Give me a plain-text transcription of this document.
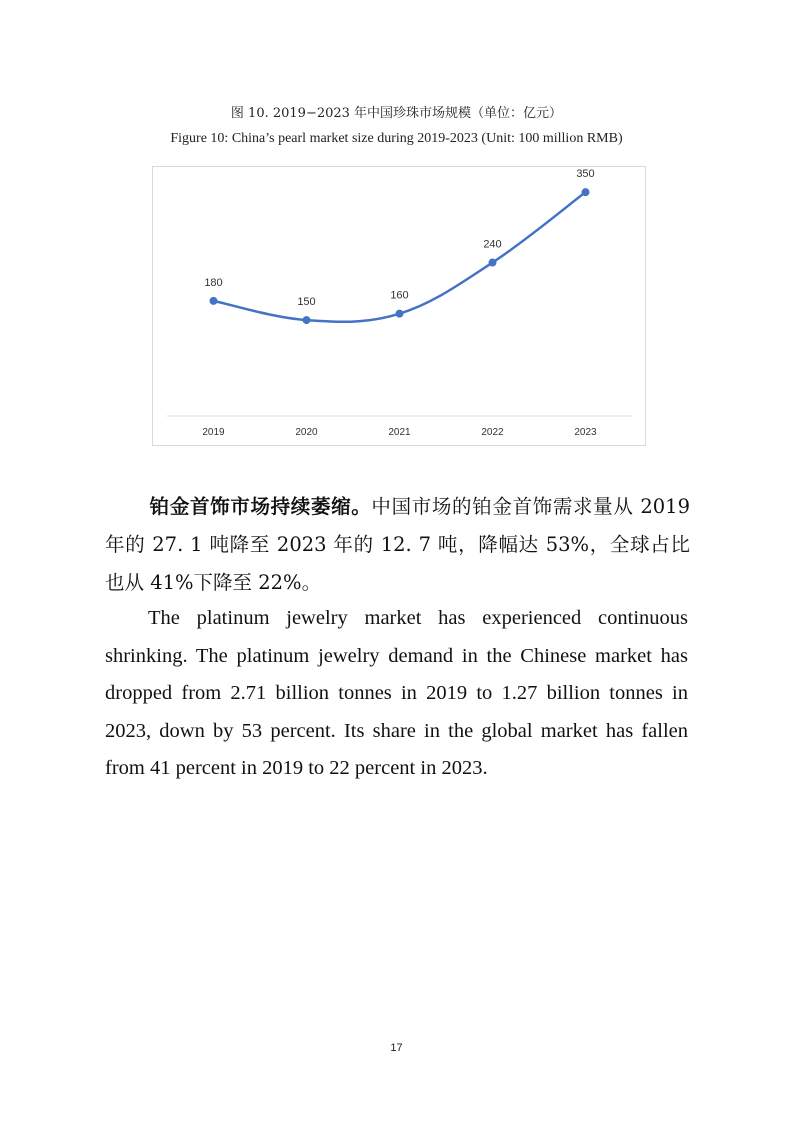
图 10. 2019−2023 年中国珍珠市场规模（单位：亿元）
Figure 10: China’s pearl market size during 2019-2023 (Unit: 100 million RMB)
180
150
160
240
350
2019	2020	2021	2022	2023

铂金首饰市场持续萎缩。中国市场的铂金首饰需求量从 2019 年的 27. 1 吨降至 2023 年的 12. 7 吨，降幅达 53%，全球占比也从 41%下降至 22%。

The platinum jewelry market has experienced continuous shrinking. The platinum jewelry demand in the Chinese market has dropped from 2.71 billion tonnes in 2019 to 1.27 billion tonnes in 2023, down by 53 percent. Its share in the global market has fallen from 41 percent in 2019 to 22 percent in 2023.

17
